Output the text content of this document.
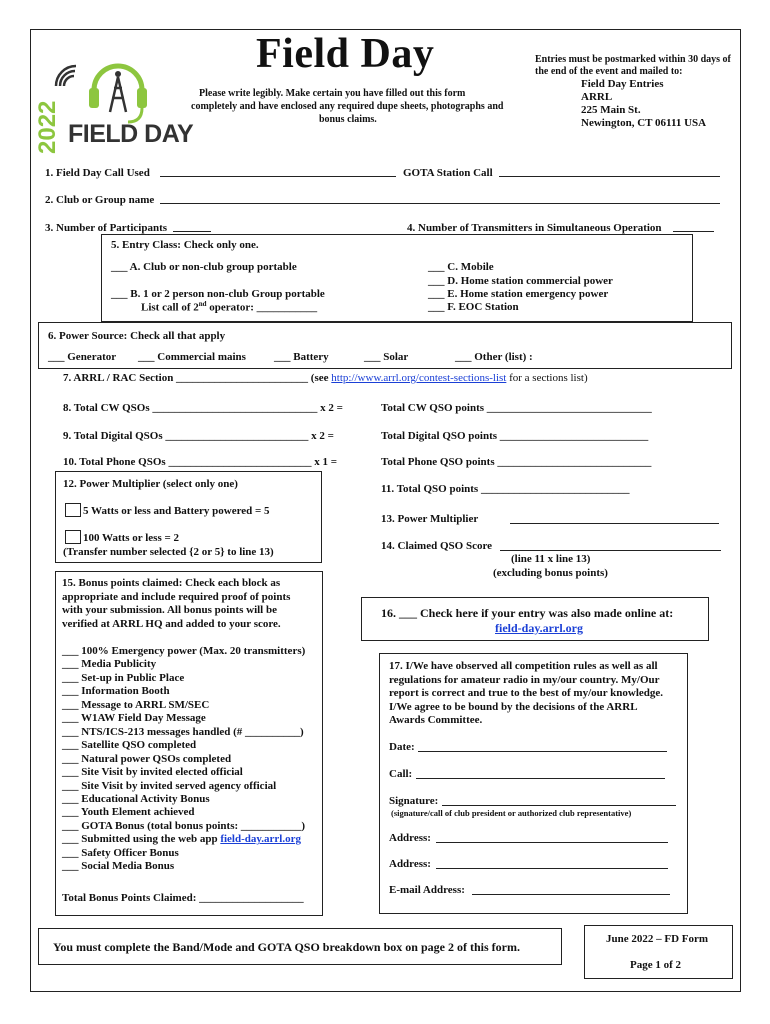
2022 FIELD DAY
Field Day
Please write legibly. Make certain you have filled out this form
completely and have enclosed any required dupe sheets, photographs and
bonus claims.
Entries must be postmarked within 30 days of
the end of the event and mailed to:
Field Day Entries
ARRL
225 Main St.
Newington, CT 06111 USA
1. Field Day Call Used	GOTA Station Call
2. Club or Group name
3. Number of Participants	4. Number of Transmitters in Simultaneous Operation
5. Entry Class: Check only one.
___ A. Club or non-club group portable
___ B. 1 or 2 person non-club Group portable
List call of 2nd operator: ___________
___ C. Mobile
___ D. Home station commercial power
___ E. Home station emergency power
___ F. EOC Station
6. Power Source: Check all that apply
___ Generator ___ Commercial mains	___ Battery	___ Solar	___ Other (list) :
7. ARRL / RAC Section ________________________ (see http://www.arrl.org/contest-sections-list for a sections list)
8. Total CW QSOs ______________________________ x 2 =	Total CW QSO points ______________________________
9. Total Digital QSOs __________________________ x 2 =	Total Digital QSO points ___________________________
10. Total Phone QSOs __________________________ x 1 =	Total Phone QSO points ____________________________
12. Power Multiplier (select only one)
5 Watts or less and Battery powered = 5
100 Watts or less = 2
(Transfer number selected {2 or 5} to line 13)
11. Total QSO points ___________________________
13. Power Multiplier
14. Claimed QSO Score
(line 11 x line 13)
(excluding bonus points)
15. Bonus points claimed: Check each block as
appropriate and include required proof of points
with your submission. All bonus points will be
verified at ARRL HQ and added to your score.
___ 100% Emergency power (Max. 20 transmitters)
___ Media Publicity
___ Set-up in Public Place
___ Information Booth
___ Message to ARRL SM/SEC
___ W1AW Field Day Message
___ NTS/ICS-213 messages handled (# __________)
___ Satellite QSO completed
___ Natural power QSOs completed
___ Site Visit by invited elected official
___ Site Visit by invited served agency official
___ Educational Activity Bonus
___ Youth Element achieved
___ GOTA Bonus (total bonus points: ___________)
___ Submitted using the web app field-day.arrl.org
___ Safety Officer Bonus
___ Social Media Bonus
Total Bonus Points Claimed: ___________________
16. ___ Check here if your entry was also made online at:
field-day.arrl.org
17. I/We have observed all competition rules as well as all
regulations for amateur radio in my/our country. My/Our
report is correct and true to the best of my/our knowledge.
I/We agree to be bound by the decisions of the ARRL
Awards Committee.
Date:
Call:
Signature:
(signature/call of club president or authorized club representative)
Address:
Address:
E-mail Address:
You must complete the Band/Mode and GOTA QSO breakdown box on page 2 of this form.
June 2022 – FD Form
Page 1 of 2
